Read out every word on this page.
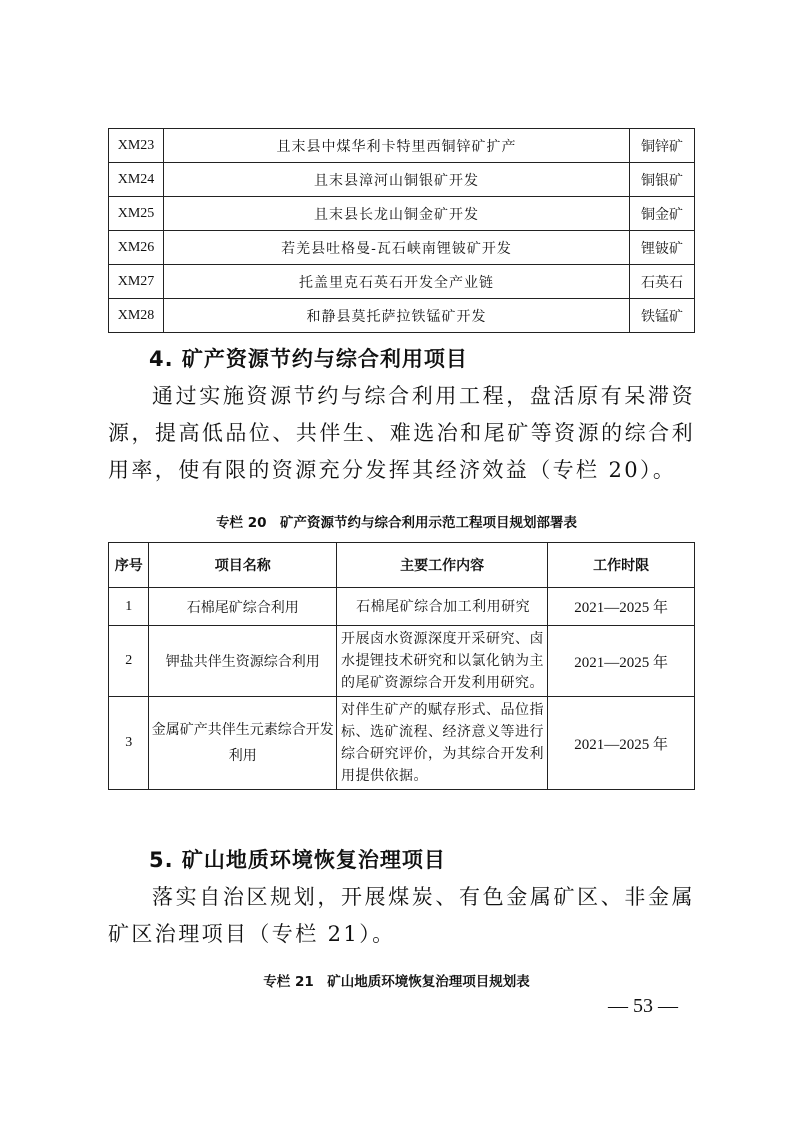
XM23	且末县中煤华利卡特里西铜锌矿扩产	铜锌矿
XM24	且末县漳河山铜银矿开发	铜银矿
XM25	且末县长龙山铜金矿开发	铜金矿
XM26	若羌县吐格曼-瓦石峡南锂铍矿开发	锂铍矿
XM27	托盖里克石英石开发全产业链	石英石
XM28	和静县莫托萨拉铁锰矿开发	铁锰矿
4. 矿产资源节约与综合利用项目

通过实施资源节约与综合利用工程，盘活原有呆滞资源，提高低品位、共伴生、难选冶和尾矿等资源的综合利用率，使有限的资源充分发挥其经济效益（专栏 20）。

专栏 20　矿产资源节约与综合利用示范工程项目规划部署表

序号	项目名称	主要工作内容	工作时限
1	石棉尾矿综合利用	石棉尾矿综合加工利用研究	2021—2025 年
2	钾盐共伴生资源综合利用	开展卤水资源深度开采研究、卤水提锂技术研究和以氯化钠为主的尾矿资源综合开发利用研究。	2021—2025 年
3	金属矿产共伴生元素综合开发利用	对伴生矿产的赋存形式、品位指标、选矿流程、经济意义等进行综合研究评价，为其综合开发利用提供依据。	2021—2025 年
5. 矿山地质环境恢复治理项目

落实自治区规划，开展煤炭、有色金属矿区、非金属矿区治理项目（专栏 21）。

专栏 21　矿山地质环境恢复治理项目规划表

— 53 —
